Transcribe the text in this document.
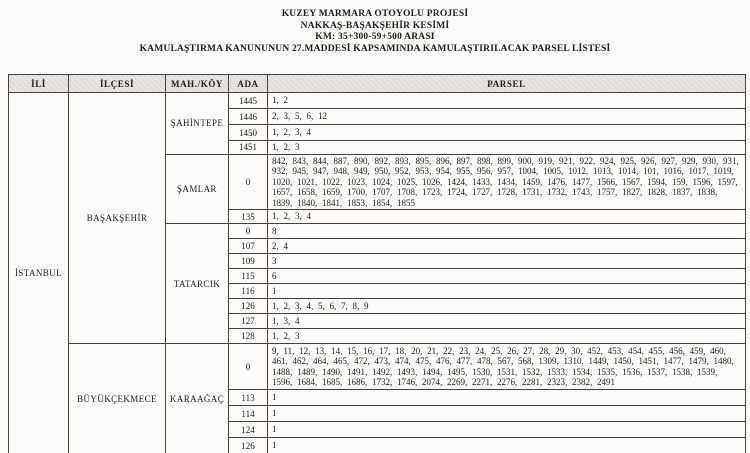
KUZEY MARMARA OTOYOLU PROJESİ
NAKKAŞ-BAŞAKŞEHİR KESİMİ
KM: 35+300-59+500 ARASI
KAMULAŞTIRMA KANUNUNUN 27.MADDESİ KAPSAMINDA KAMULAŞTIRILACAK PARSEL LİSTESİ
İLİ	İLÇESİ	MAH./KÖY	ADA	PARSEL
İSTANBUL	BAŞAKŞEHİR	ŞAHİNTEPE	1445	1, 2
			1446	2, 3, 5, 6, 12
			1450	1, 2, 3, 4
			1451	1, 2, 3
		ŞAMLAR	0	842, 843, 844, 887, 890, 892, 893, 895, 896, 897, 898, 899, 900, 919, 921, 922, 924, 925, 926, 927, 929, 930, 931, 932, 945, 947, 948, 949, 950, 952, 953, 954, 955, 956, 957, 1004, 1005, 1012, 1013, 1014, 101, 1016, 1017, 1019, 1020, 1021, 1022, 1023, 1024, 1025, 1026, 1424, 1433, 1434, 1459, 1476, 1477, 1566, 1567, 1594, 159, 1596, 1597, 1657, 1658, 1659, 1700, 1707, 1708, 1723, 1724, 1727, 1728, 1731, 1732, 1743, 1757, 1827, 1828, 1837, 1838, 1839, 1840, 1841, 1853, 1854, 1855
			135	1, 2, 3, 4
		TATARCIK	0	8
			107	2, 4
			109	3
			115	6
			116	1
			126	1, 2, 3, 4, 5, 6, 7, 8, 9
			127	1, 3, 4
			128	1, 2, 3
	BÜYÜKÇEKMECE	KARAAĞAÇ	0	9, 11, 12, 13, 14, 15, 16, 17, 18, 20, 21, 22, 23, 24, 25, 26, 27, 28, 29, 30, 452, 453, 454, 455, 456, 459, 460, 461, 462, 464, 465, 472, 473, 474, 475, 476, 477, 478, 567, 568, 1309, 1310, 1449, 1450, 1451, 1477, 1479, 1480, 1488, 1489, 1490, 1491, 1492, 1493, 1494, 1495, 1530, 1531, 1532, 1533, 1534, 1535, 1536, 1537, 1538, 1539, 1596, 1684, 1685, 1686, 1732, 1746, 2074, 2269, 2271, 2276, 2281, 2323, 2382, 2491
			113	1
			114	1
			124	1
			126	1
